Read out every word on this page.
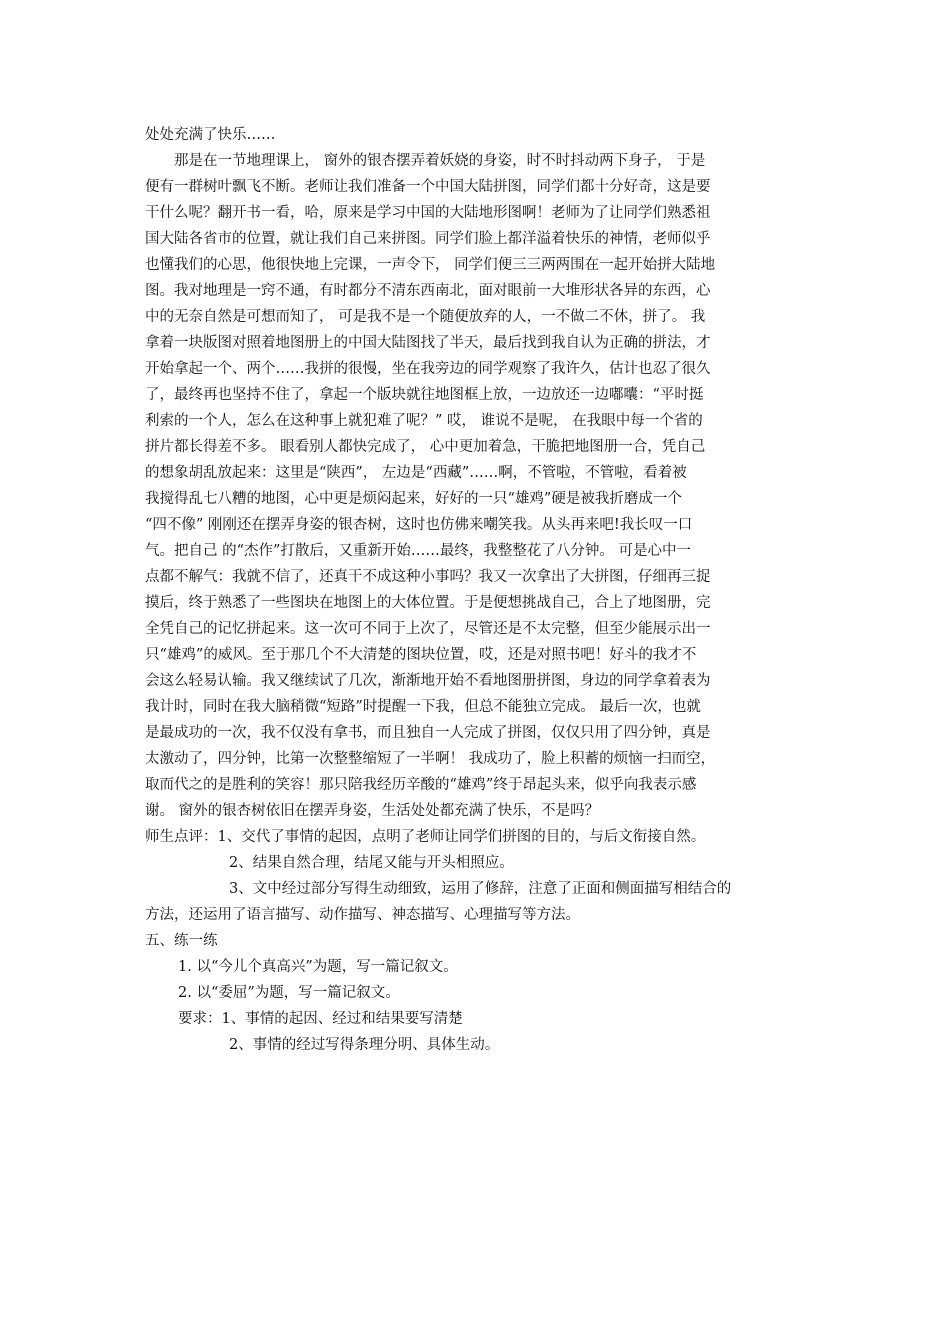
处处充满了快乐……
那是在一节地理课上， 窗外的银杏摆弄着妖娆的身姿，时不时抖动两下身子， 于是
便有一群树叶飘飞不断。老师让我们准备一个中国大陆拼图，同学们都十分好奇，这是要
干什么呢？翻开书一看，哈，原来是学习中国的大陆地形图啊！老师为了让同学们熟悉祖
国大陆各省市的位置，就让我们自己来拼图。同学们脸上都洋溢着快乐的神情，老师似乎
也懂我们的心思，他很快地上完课，一声令下， 同学们便三三两两围在一起开始拼大陆地
图。我对地理是一窍不通，有时都分不清东西南北，面对眼前一大堆形状各异的东西，心
中的无奈自然是可想而知了， 可是我不是一个随便放弃的人，一不做二不休，拼了。 我
拿着一块版图对照着地图册上的中国大陆图找了半天，最后找到我自认为正确的拼法，才
开始拿起一个、两个……我拼的很慢，坐在我旁边的同学观察了我许久，估计也忍了很久
了，最终再也坚持不住了，拿起一个版块就往地图框上放，一边放还一边嘟囔：“平时挺
利索的一个人，怎么在这种事上就犯难了呢？” 哎， 谁说不是呢， 在我眼中每一个省的
拼片都长得差不多。 眼看别人都快完成了， 心中更加着急，干脆把地图册一合，凭自己
的想象胡乱放起来：这里是“陕西”， 左边是“西藏”……啊，不管啦，不管啦，看着被
我搅得乱七八糟的地图，心中更是烦闷起来，好好的一只“雄鸡”硬是被我折磨成一个
“四不像” 刚刚还在摆弄身姿的银杏树，这时也仿佛来嘲笑我。从头再来吧!我长叹一口
气。把自己 的“杰作”打散后，又重新开始……最终，我整整花了八分钟。 可是心中一
点都不解气：我就不信了，还真干不成这种小事吗？我又一次拿出了大拼图，仔细再三捉
摸后，终于熟悉了一些图块在地图上的大体位置。于是便想挑战自己，合上了地图册，完
全凭自己的记忆拼起来。这一次可不同于上次了，尽管还是不太完整，但至少能展示出一
只“雄鸡”的威风。至于那几个不大清楚的图块位置，哎，还是对照书吧！好斗的我才不
会这么轻易认输。我又继续试了几次，渐渐地开始不看地图册拼图，身边的同学拿着表为
我计时，同时在我大脑稍微“短路”时提醒一下我，但总不能独立完成。 最后一次，也就
是最成功的一次，我不仅没有拿书，而且独自一人完成了拼图，仅仅只用了四分钟，真是
太激动了，四分钟，比第一次整整缩短了一半啊！ 我成功了，脸上积蓄的烦恼一扫而空，
取而代之的是胜利的笑容！那只陪我经历辛酸的“雄鸡”终于昂起头来，似乎向我表示感
谢。 窗外的银杏树依旧在摆弄身姿，生活处处都充满了快乐，不是吗？
师生点评： 1、交代了事情的起因，点明了老师让同学们拼图的目的，与后文衔接自然。
2、结果自然合理，结尾又能与开头相照应。
3、文中经过部分写得生动细致，运用了修辞，注意了正面和侧面描写相结合的
方法，还运用了语言描写、动作描写、神态描写、心理描写等方法。
五、练一练
1. 以“今儿个真高兴”为题，写一篇记叙文。
2. 以“委屈”为题，写一篇记叙文。
要求： 1、事情的起因、经过和结果要写清楚
2、事情的经过写得条理分明、具体生动。
